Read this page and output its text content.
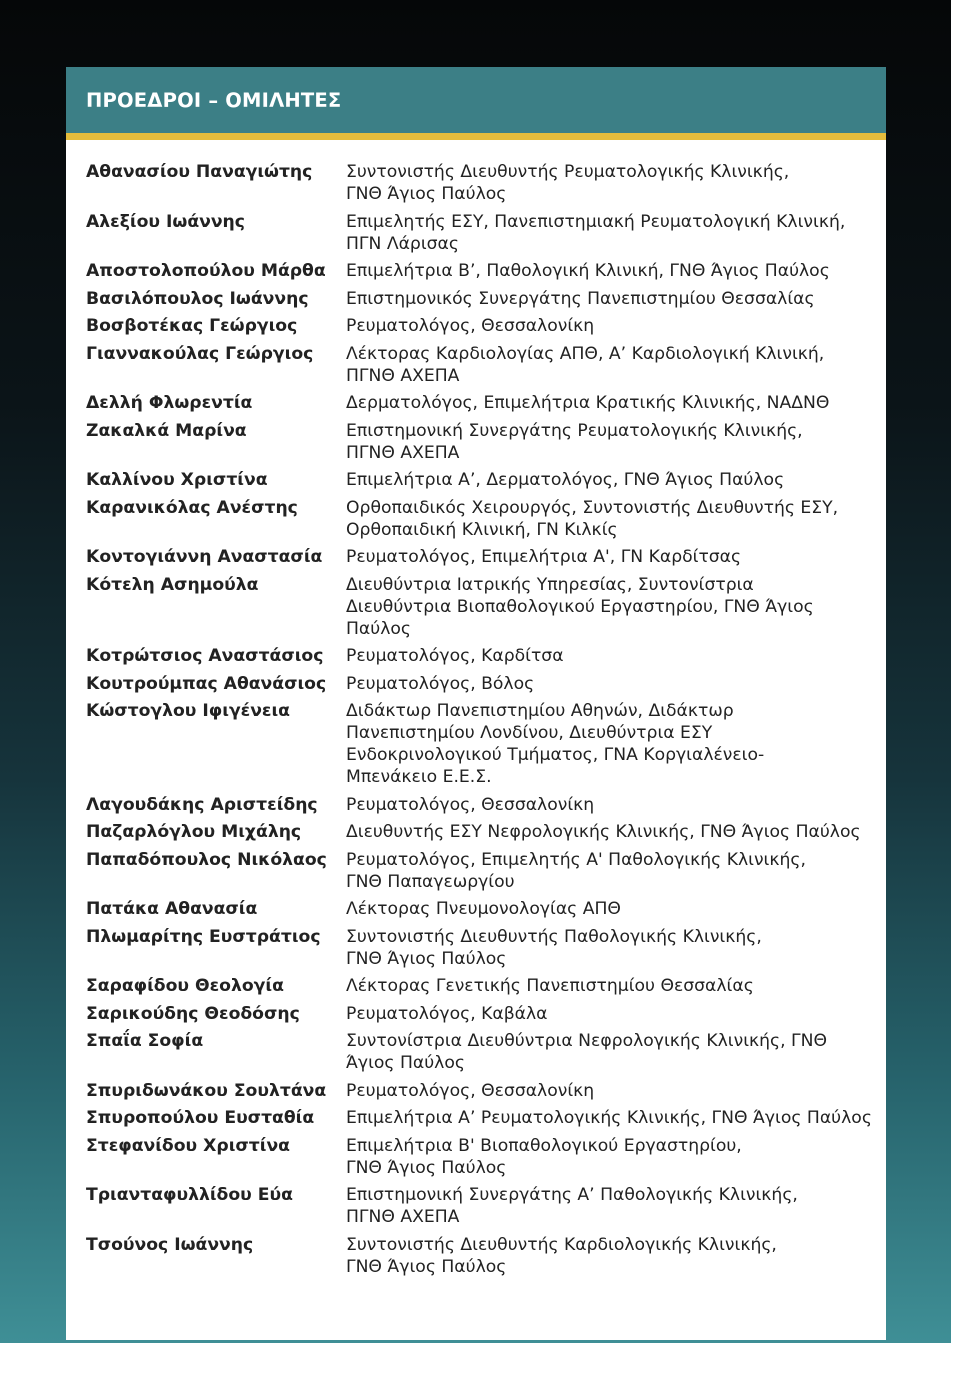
ΠΡΟΕΔΡΟΙ – ΟΜΙΛΗΤΕΣ
Αθανασίου Παναγιώτης	Συντονιστής Διευθυντής Ρευματολογικής Κλινικής,
ΓΝΘ Άγιος Παύλος
Αλεξίου Ιωάννης	Επιμελητής ΕΣΥ, Πανεπιστημιακή Ρευματολογική Κλινική,
ΠΓΝ Λάρισας
Αποστολοπούλου Μάρθα	Επιμελήτρια Β’, Παθολογική Κλινική, ΓΝΘ Άγιος Παύλος
Βασιλόπουλος Ιωάννης	Επιστημονικός Συνεργάτης Πανεπιστημίου Θεσσαλίας
Βοσβοτέκας Γεώργιος	Ρευματολόγος, Θεσσαλονίκη
Γιαννακούλας Γεώργιος	Λέκτορας Καρδιολογίας ΑΠΘ, Α’ Καρδιολογική Κλινική,
ΠΓΝΘ ΑΧΕΠΑ
Δελλή Φλωρεντία	Δερματολόγος, Επιμελήτρια Κρατικής Κλινικής, ΝΑΔΝΘ
Ζακαλκά Μαρίνα	Επιστημονική Συνεργάτης Ρευματολογικής Κλινικής,
ΠΓΝΘ ΑΧΕΠΑ
Καλλίνου Χριστίνα	Επιμελήτρια Α’, Δερματολόγος, ΓΝΘ Άγιος Παύλος
Καρανικόλας Ανέστης	Ορθοπαιδικός Χειρουργός, Συντονιστής Διευθυντής ΕΣΥ,
Ορθοπαιδική Κλινική, ΓΝ Κιλκίς
Κοντογιάννη Αναστασία	Ρευματολόγος, Επιμελήτρια Α', ΓΝ Καρδίτσας
Κότελη Ασημούλα	Διευθύντρια Ιατρικής Υπηρεσίας, Συντονίστρια
Διευθύντρια Βιοπαθολογικού Εργαστηρίoυ, ΓΝΘ Άγιος
Παύλος
Κοτρώτσιος Αναστάσιος	Ρευματολόγος, Καρδίτσα
Κουτρούμπας Αθανάσιος	Ρευματολόγος, Βόλος
Κώστογλου Ιφιγένεια	Διδάκτωρ Πανεπιστημίου Αθηνών, Διδάκτωρ
Πανεπιστημίου Λονδίνου, Διευθύντρια ΕΣΥ
Ενδοκρινολογικού Τμήματος, ΓΝΑ Κοργιαλένειο-
Μπενάκειο Ε.Ε.Σ.
Λαγουδάκης Αριστείδης	Ρευματολόγος, Θεσσαλονίκη
Παζαρλόγλου Μιχάλης	Διευθυντής ΕΣΥ Νεφρολογικής Κλινικής, ΓΝΘ Άγιος Παύλος
Παπαδόπουλος Νικόλαος	Ρευματολόγος, Επιμελητής Α' Παθολογικής Κλινικής,
ΓΝΘ Παπαγεωργίου
Πατάκα Αθανασία	Λέκτορας Πνευμονολογίας ΑΠΘ
Πλωμαρίτης Ευστράτιος	Συντονιστής Διευθυντής Παθολογικής Κλινικής,
ΓΝΘ Άγιος Παύλος
Σαραφίδου Θεολογία	Λέκτορας Γενετικής Πανεπιστημίου Θεσσαλίας
Σαρικούδης Θεοδόσης	Ρευματολόγος, Καβάλα
Σπαΐα Σοφία	Συντονίστρια Διευθύντρια Νεφρολογικής Κλινικής, ΓΝΘ
Άγιος Παύλος
Σπυριδωνάκου Σουλτάνα	Ρευματολόγος, Θεσσαλονίκη
Σπυροπούλου Ευσταθία	Επιμελήτρια Α’ Ρευματολογικής Κλινικής, ΓΝΘ Άγιος Παύλος
Στεφανίδου Χριστίνα	Επιμελήτρια Β' Βιοπαθολογικού Εργαστηρίου,
ΓΝΘ Άγιος Παύλος
Τριανταφυλλίδου Εύα	Επιστημονική Συνεργάτης Α’ Παθολογικής Κλινικής,
ΠΓΝΘ ΑΧΕΠΑ
Τσούνος Ιωάννης	Συντονιστής Διευθυντής Καρδιολογικής Κλινικής,
ΓΝΘ Άγιος Παύλος
5
